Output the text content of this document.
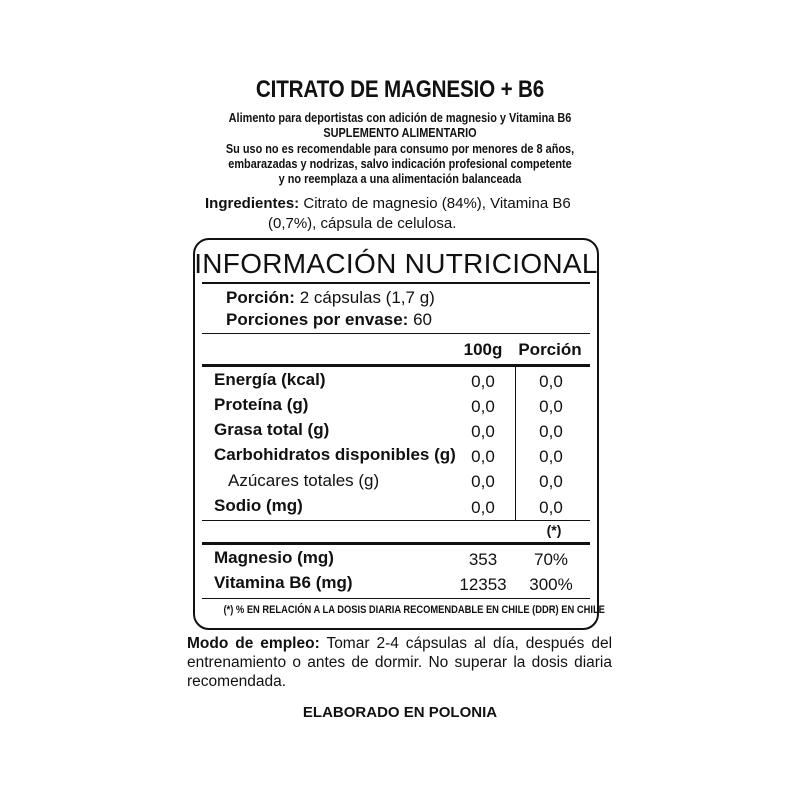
CITRATO DE MAGNESIO + B6
Alimento para deportistas con adición de magnesio y Vitamina B6
SUPLEMENTO ALIMENTARIO
Su uso no es recomendable para consumo por menores de 8 años,
embarazadas y nodrizas, salvo indicación profesional competente
y no reemplaza a una alimentación balanceada
Ingredientes: Citrato de magnesio (84%), Vitamina B6
(0,7%), cápsula de celulosa.
INFORMACIÓN NUTRICIONAL
Porción: 2 cápsulas (1,7 g)
Porciones por envase: 60
100g Porción
Energía (kcal)	0,0	0,0
Proteína (g)	0,0	0,0
Grasa total (g)	0,0	0,0
Carbohidratos disponibles (g) 0,0	0,0
Azúcares totales (g)	0,0	0,0
Sodio (mg)	0,0	0,0
(*)
Magnesio (mg)	353	70%
Vitamina B6 (mg)	12353	300%
(*) % EN RELACIÓN A LA DOSIS DIARIA RECOMENDABLE EN CHILE (DDR) EN CHILE
Modo de empleo: Tomar 2-4 cápsulas al día, después del entrenamiento o antes de dormir. No superar la dosis diaria recomendada.
ELABORADO EN POLONIA
